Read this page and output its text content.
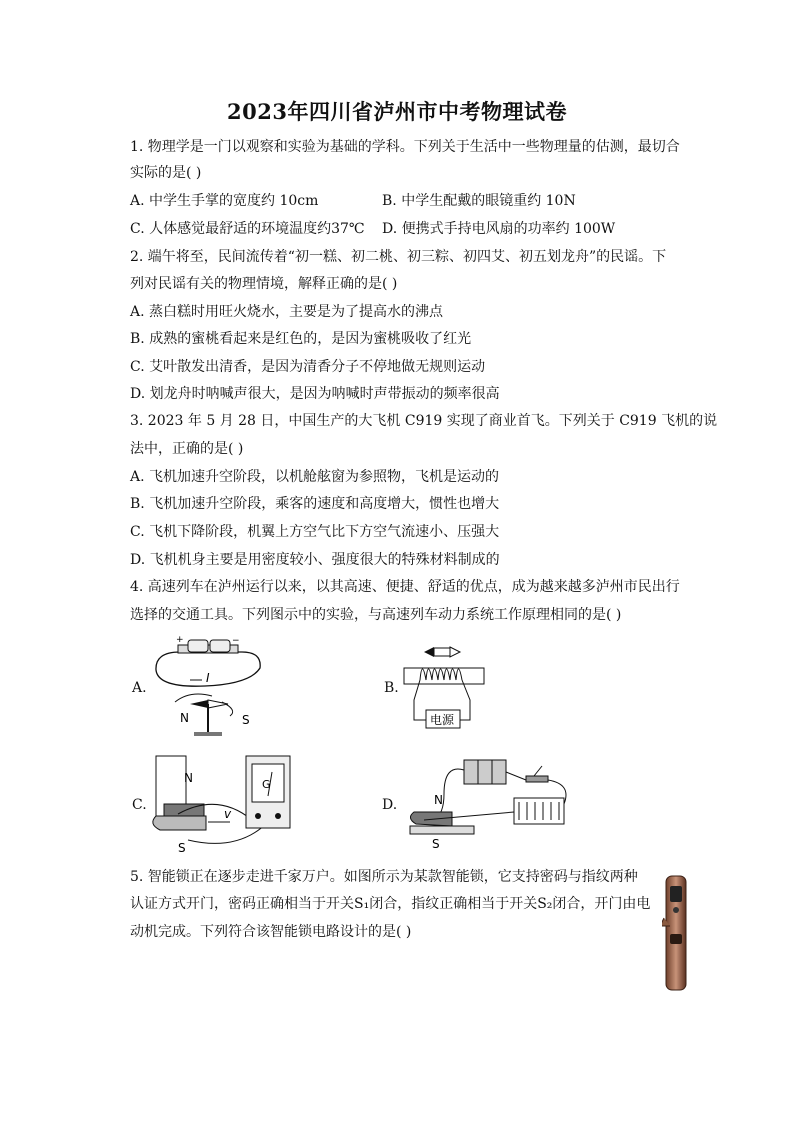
2023年四川省泸州市中考物理试卷
1. 物理学是一门以观察和实验为基础的学科。下列关于生活中一些物理量的估测，最切合
实际的是( )
A. 中学生手掌的宽度约 10cm	B. 中学生配戴的眼镜重约 10N
C. 人体感觉最舒适的环境温度约37℃ D. 便携式手持电风扇的功率约 100W
2. 端午将至，民间流传着“初一糕、初二桃、初三粽、初四艾、初五划龙舟”的民谣。下
列对民谣有关的物理情境，解释正确的是( )
A. 蒸白糕时用旺火烧水，主要是为了提高水的沸点
B. 成熟的蜜桃看起来是红色的，是因为蜜桃吸收了红光
C. 艾叶散发出清香，是因为清香分子不停地做无规则运动
D. 划龙舟时呐喊声很大，是因为呐喊时声带振动的频率很高
3. 2023 年 5 月 28 日，中国生产的大飞机 C919 实现了商业首飞。下列关于 C919 飞机的说
法中，正确的是( )
A. 飞机加速升空阶段，以机舱舷窗为参照物，飞机是运动的
B. 飞机加速升空阶段，乘客的速度和高度增大，惯性也增大
C. 飞机下降阶段，机翼上方空气比下方空气流速小、压强大
D. 飞机机身主要是用密度较小、强度很大的特殊材料制成的
4. 高速列车在泸州运行以来，以其高速、便捷、舒适的优点，成为越来越多泸州市民出行
选择的交通工具。下列图示中的实验，与高速列车动力系统工作原理相同的是( )
A.	B.
C.	D.
+	−
I
N	S	电源
N
S
v
G
N
S
5. 智能锁正在逐步走进千家万户。如图所示为某款智能锁，它支持密码与指纹两种
认证方式开门，密码正确相当于开关S₁闭合，指纹正确相当于开关S₂闭合，开门由电
动机完成。下列符合该智能锁电路设计的是( )
